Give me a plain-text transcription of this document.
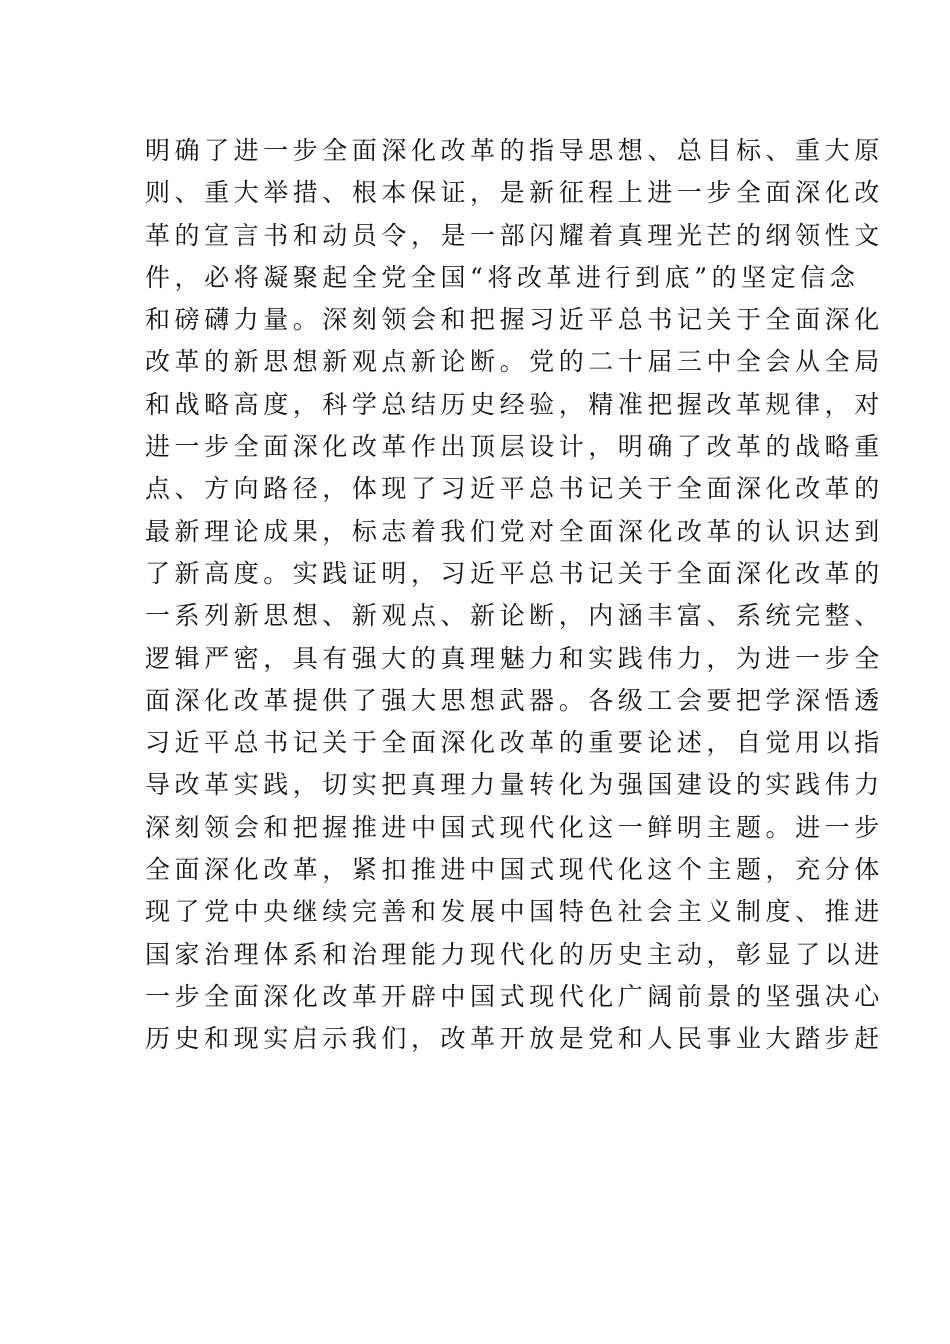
明确了进一步全面深化改革的指导思想、总目标、重大原
则、重大举措、根本保证，是新征程上进一步全面深化改
革的宣言书和动员令，是一部闪耀着真理光芒的纲领性文
件，必将凝聚起全党全国“将改革进行到底”的坚定信念
和磅礴力量。深刻领会和把握习近平总书记关于全面深化
改革的新思想新观点新论断。党的二十届三中全会从全局
和战略高度，科学总结历史经验，精准把握改革规律，对
进一步全面深化改革作出顶层设计，明确了改革的战略重
点、方向路径，体现了习近平总书记关于全面深化改革的
最新理论成果，标志着我们党对全面深化改革的认识达到
了新高度。实践证明，习近平总书记关于全面深化改革的
一系列新思想、新观点、新论断，内涵丰富、系统完整、
逻辑严密，具有强大的真理魅力和实践伟力，为进一步全
面深化改革提供了强大思想武器。各级工会要把学深悟透
习近平总书记关于全面深化改革的重要论述，自觉用以指
导改革实践，切实把真理力量转化为强国建设的实践伟力
深刻领会和把握推进中国式现代化这一鲜明主题。进一步
全面深化改革，紧扣推进中国式现代化这个主题，充分体
现了党中央继续完善和发展中国特色社会主义制度、推进
国家治理体系和治理能力现代化的历史主动，彰显了以进
一步全面深化改革开辟中国式现代化广阔前景的坚强决心
历史和现实启示我们，改革开放是党和人民事业大踏步赶
